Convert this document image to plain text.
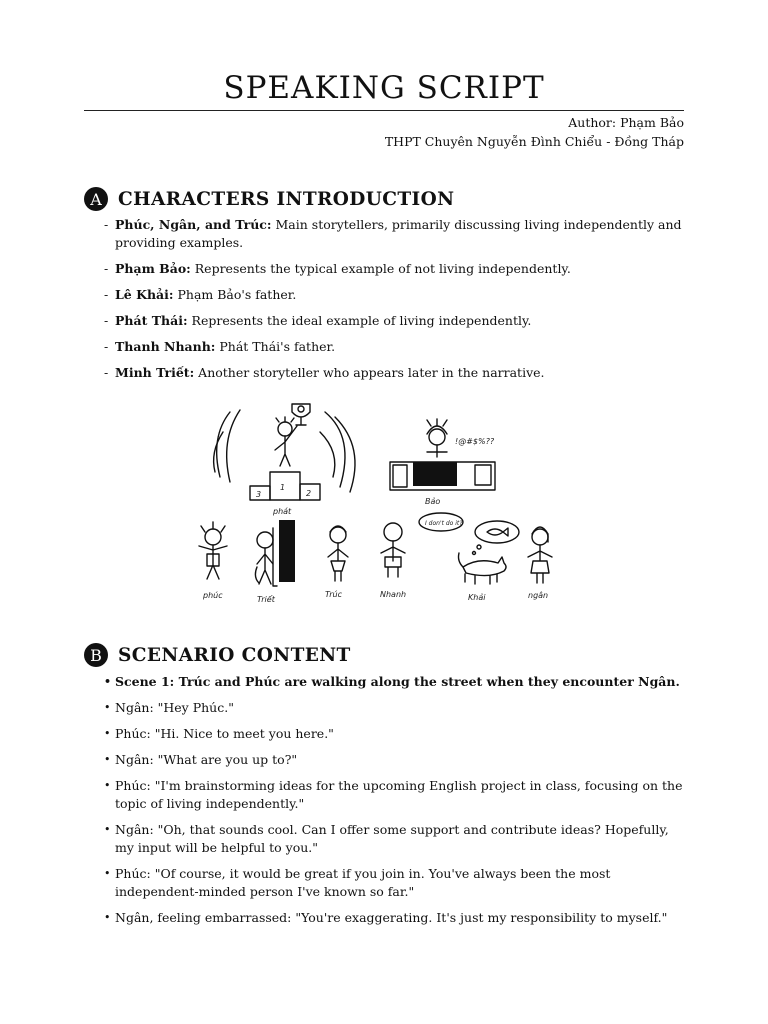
SPEAKING SCRIPT
Author: Phạm Bảo
THPT Chuyên Nguyễn Đình Chiểu - Đồng Tháp
A CHARACTERS INTRODUCTION
- Phúc, Ngân, and Trúc: Main storytellers, primarily discussing living independently and providing examples.
- Phạm Bảo: Represents the typical example of not living independently.
- Lê Khải: Phạm Bảo's father.
- Phát Thái: Represents the ideal example of living independently.
- Thanh Nhanh: Phát Thái's father.
- Minh Triết: Another storyteller who appears later in the narrative.
1
3	2
phát
!@#$%??
Bảo
I don't do it?
phúc	Triết
Trúc	Nhanh	Khải	ngân
B SCENARIO CONTENT
• Scene 1: Trúc and Phúc are walking along the street when they encounter Ngân.
• Ngân: "Hey Phúc."
• Phúc: "Hi. Nice to meet you here."
• Ngân: "What are you up to?"
• Phúc: "I'm brainstorming ideas for the upcoming English project in class, focusing on the topic of living independently."
• Ngân: "Oh, that sounds cool. Can I offer some support and contribute ideas? Hopefully, my input will be helpful to you."
• Phúc: "Of course, it would be great if you join in. You've always been the most independent-minded person I've known so far."
• Ngân, feeling embarrassed: "You're exaggerating. It's just my responsibility to myself."
